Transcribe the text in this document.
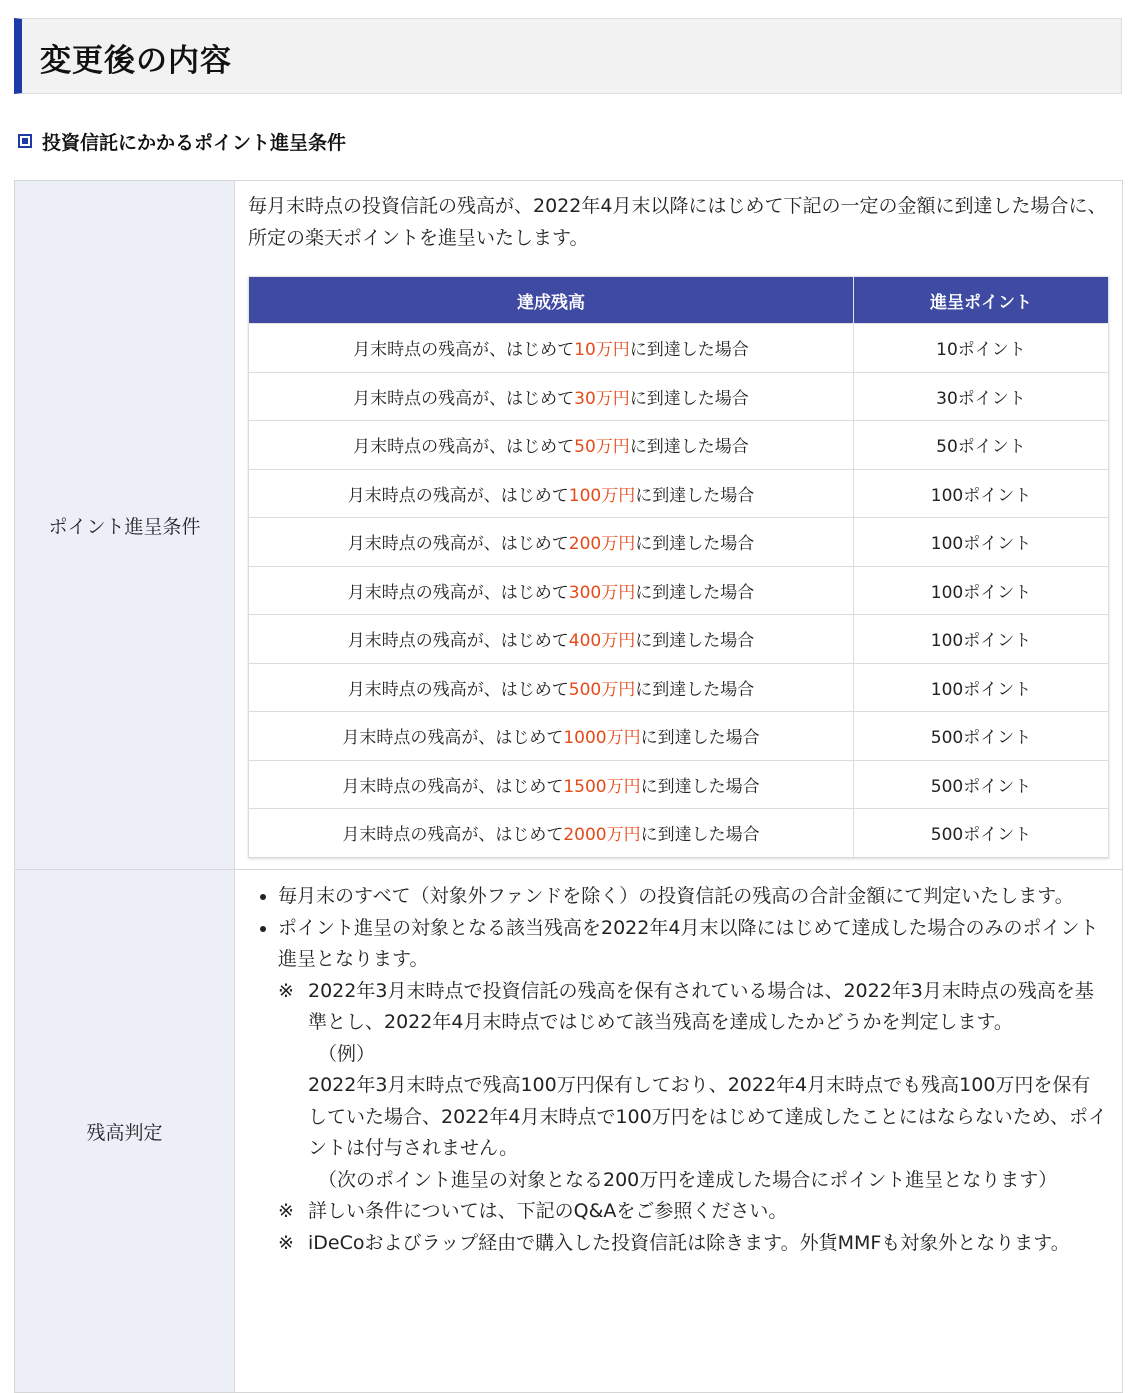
変更後の内容
投資信託にかかるポイント進呈条件
ポイント進呈条件	

毎月末時点の投資信託の残高が、2022年4月末以降にはじめて下記の一定の金額に到達した場合に、所定の楽天ポイントを進呈いたします。

達成残高	進呈ポイント
月末時点の残高が、はじめて10万円に到達した場合	10ポイント
月末時点の残高が、はじめて30万円に到達した場合	30ポイント
月末時点の残高が、はじめて50万円に到達した場合	50ポイント
月末時点の残高が、はじめて100万円に到達した場合	100ポイント
月末時点の残高が、はじめて200万円に到達した場合	100ポイント
月末時点の残高が、はじめて300万円に到達した場合	100ポイント
月末時点の残高が、はじめて400万円に到達した場合	100ポイント
月末時点の残高が、はじめて500万円に到達した場合	100ポイント
月末時点の残高が、はじめて1000万円に到達した場合	500ポイント
月末時点の残高が、はじめて1500万円に到達した場合	500ポイント
月末時点の残高が、はじめて2000万円に到達した場合	500ポイント

残高判定	
• 毎月末のすべて（対象外ファンドを除く）の投資信託の残高の合計金額にて判定いたします。
• ポイント進呈の対象となる該当残高を2022年4月末以降にはじめて達成した場合のみのポイント進呈となります。
※ 2022年3月末時点で投資信託の残高を保有されている場合は、2022年3月末時点の残高を基準とし、2022年4月末時点ではじめて該当残高を達成したかどうかを判定します。
（例）
2022年3月末時点で残高100万円保有しており、2022年4月末時点でも残高100万円を保有していた場合、2022年4月末時点で100万円をはじめて達成したことにはならないため、ポイントは付与されません。
（次のポイント進呈の対象となる200万円を達成した場合にポイント進呈となります）
※ 詳しい条件については、下記のQ&Aをご参照ください。
※ iDeCoおよびラップ経由で購入した投資信託は除きます。外貨MMFも対象外となります。
